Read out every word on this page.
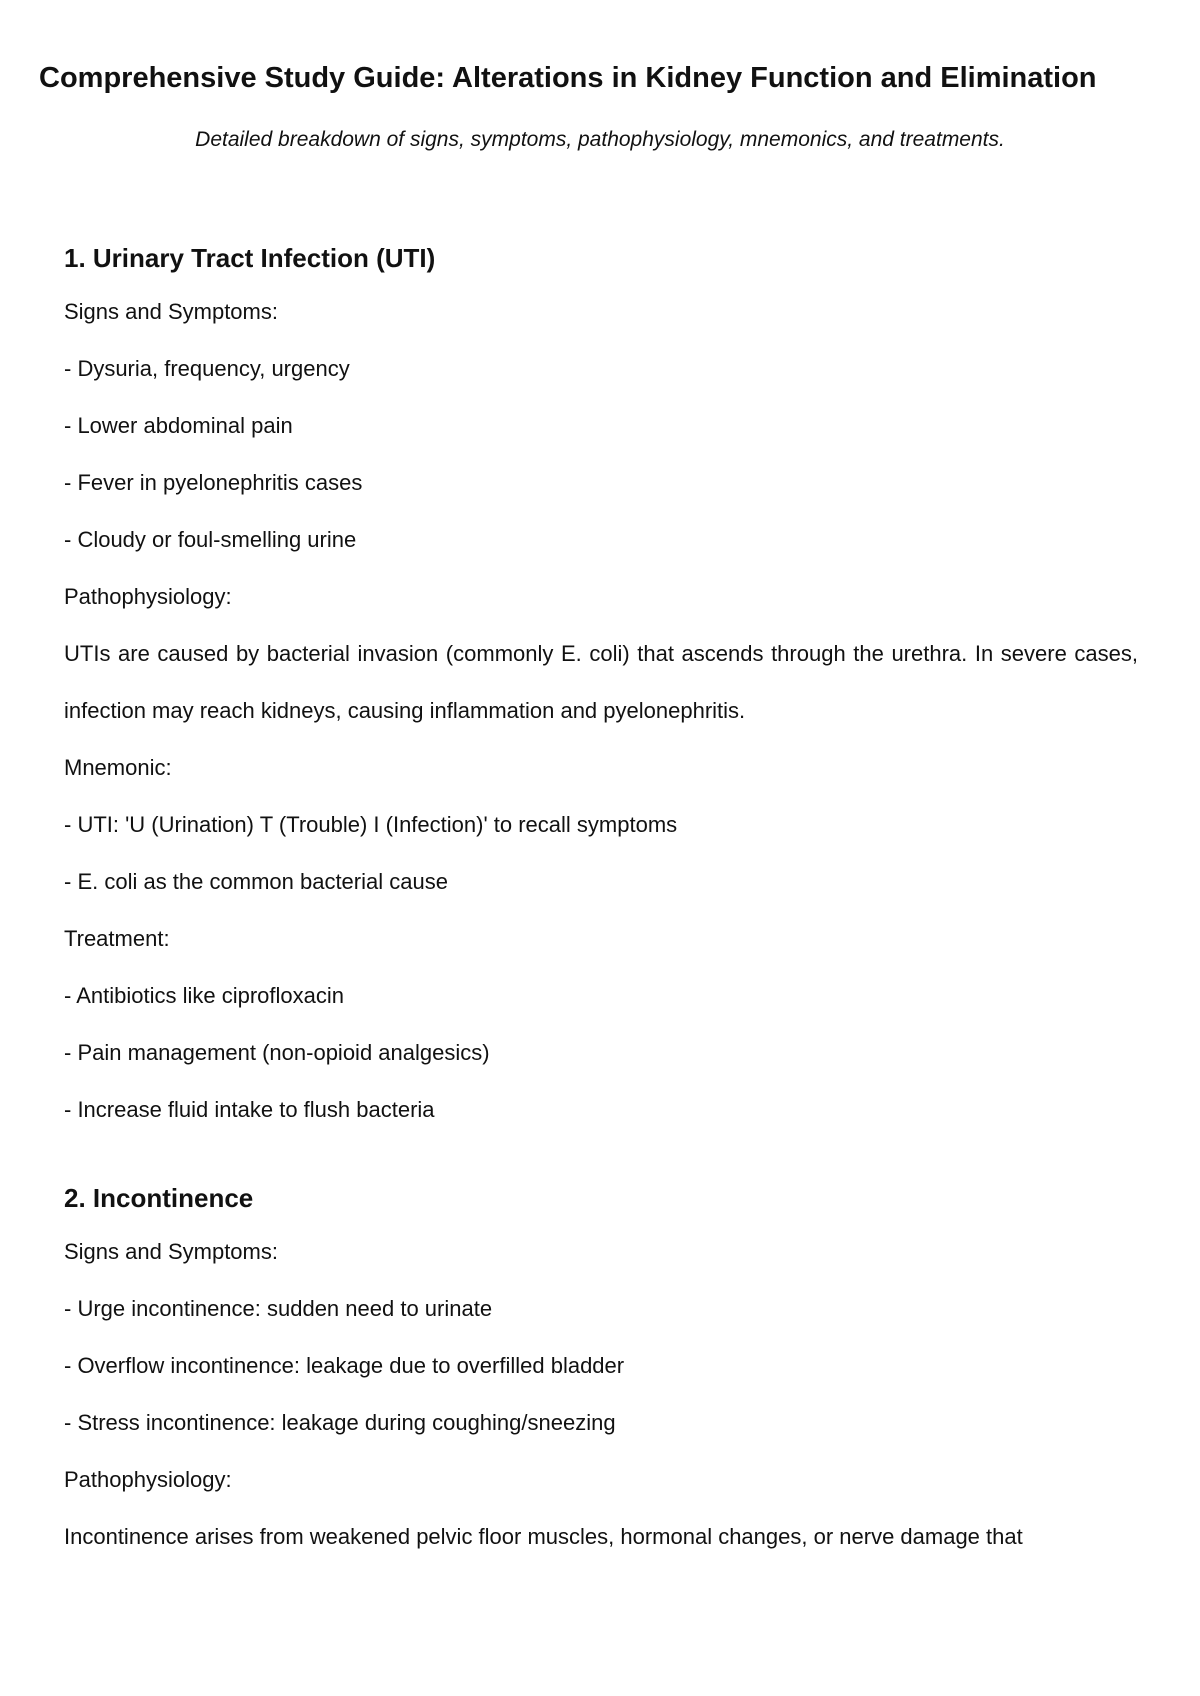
Comprehensive Study Guide: Alterations in Kidney Function and Elimination

Detailed breakdown of signs, symptoms, pathophysiology, mnemonics, and treatments.

1. Urinary Tract Infection (UTI)

Signs and Symptoms:

- Dysuria, frequency, urgency

- Lower abdominal pain

- Fever in pyelonephritis cases

- Cloudy or foul-smelling urine

Pathophysiology:

UTIs are caused by bacterial invasion (commonly E. coli) that ascends through the urethra. In severe cases, infection may reach kidneys, causing inflammation and pyelonephritis.

Mnemonic:

- UTI: 'U (Urination) T (Trouble) I (Infection)' to recall symptoms

- E. coli as the common bacterial cause

Treatment:

- Antibiotics like ciprofloxacin

- Pain management (non-opioid analgesics)

- Increase fluid intake to flush bacteria

2. Incontinence

Signs and Symptoms:

- Urge incontinence: sudden need to urinate

- Overflow incontinence: leakage due to overfilled bladder

- Stress incontinence: leakage during coughing/sneezing

Pathophysiology:

Incontinence arises from weakened pelvic floor muscles, hormonal changes, or nerve damage that
